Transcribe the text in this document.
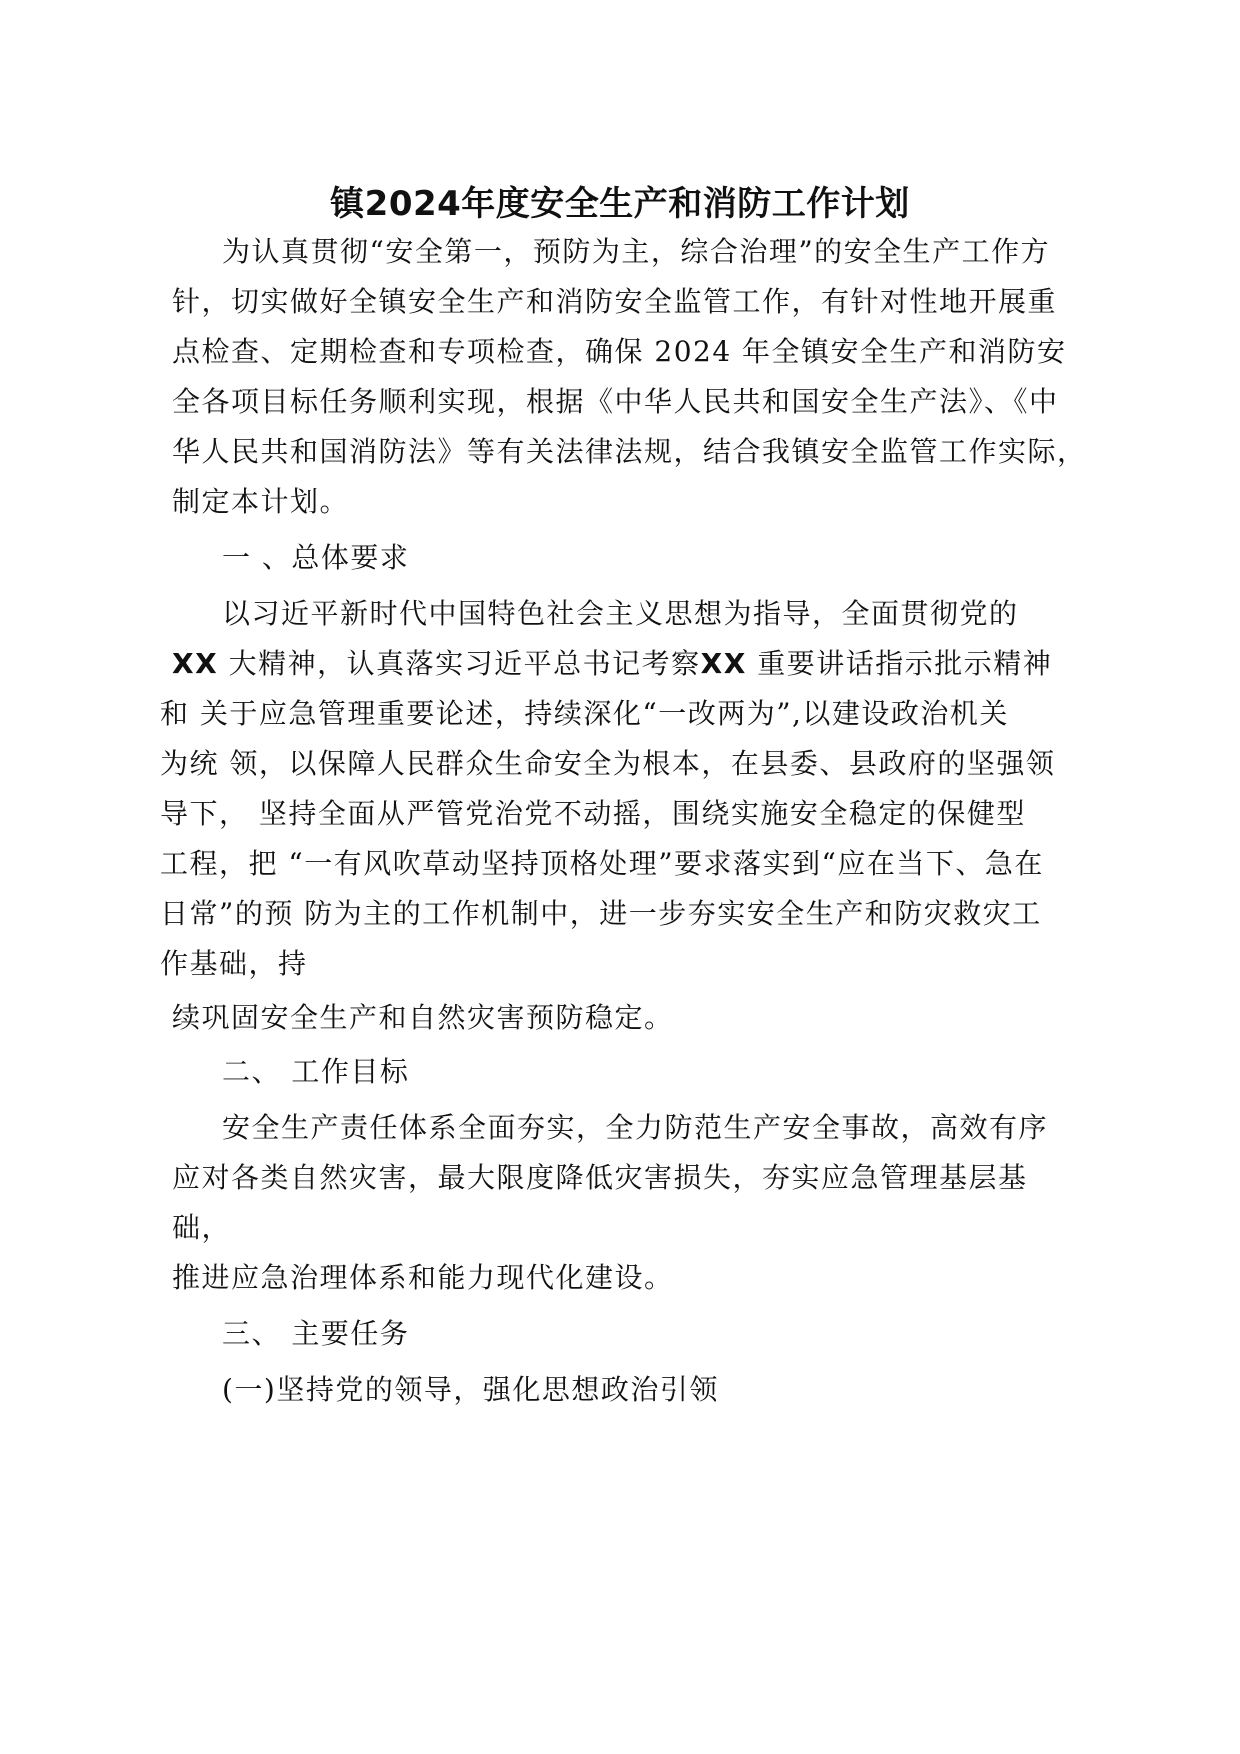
镇2024年度安全生产和消防工作计划

为认真贯彻“安全第一，预防为主，综合治理”的安全生产工作方

针，切实做好全镇安全生产和消防安全监管工作，有针对性地开展重

点检查、定期检查和专项检查，确保 2024 年全镇安全生产和消防安

全各项目标任务顺利实现，根据《中华人民共和国安全生产法》、《中

华人民共和国消防法》等有关法律法规，结合我镇安全监管工作实际，

制定本计划。

一 、总体要求

以习近平新时代中国特色社会主义思想为指导，全面贯彻党的

XX 大精神，认真落实习近平总书记考察XX 重要讲话指示批示精神

和 关于应急管理重要论述，持续深化“一改两为”,以建设政治机关

为统 领，以保障人民群众生命安全为根本，在县委、县政府的坚强领

导下， 坚持全面从严管党治党不动摇，围绕实施安全稳定的保健型

工程，把 “一有风吹草动坚持顶格处理”要求落实到“应在当下、急在

日常”的预 防为主的工作机制中，进一步夯实安全生产和防灾救灾工

作基础，持

续巩固安全生产和自然灾害预防稳定。

二、 工作目标

安全生产责任体系全面夯实，全力防范生产安全事故，高效有序

应对各类自然灾害，最大限度降低灾害损失，夯实应急管理基层基

础，

推进应急治理体系和能力现代化建设。

三、 主要任务

(一)坚持党的领导，强化思想政治引领
